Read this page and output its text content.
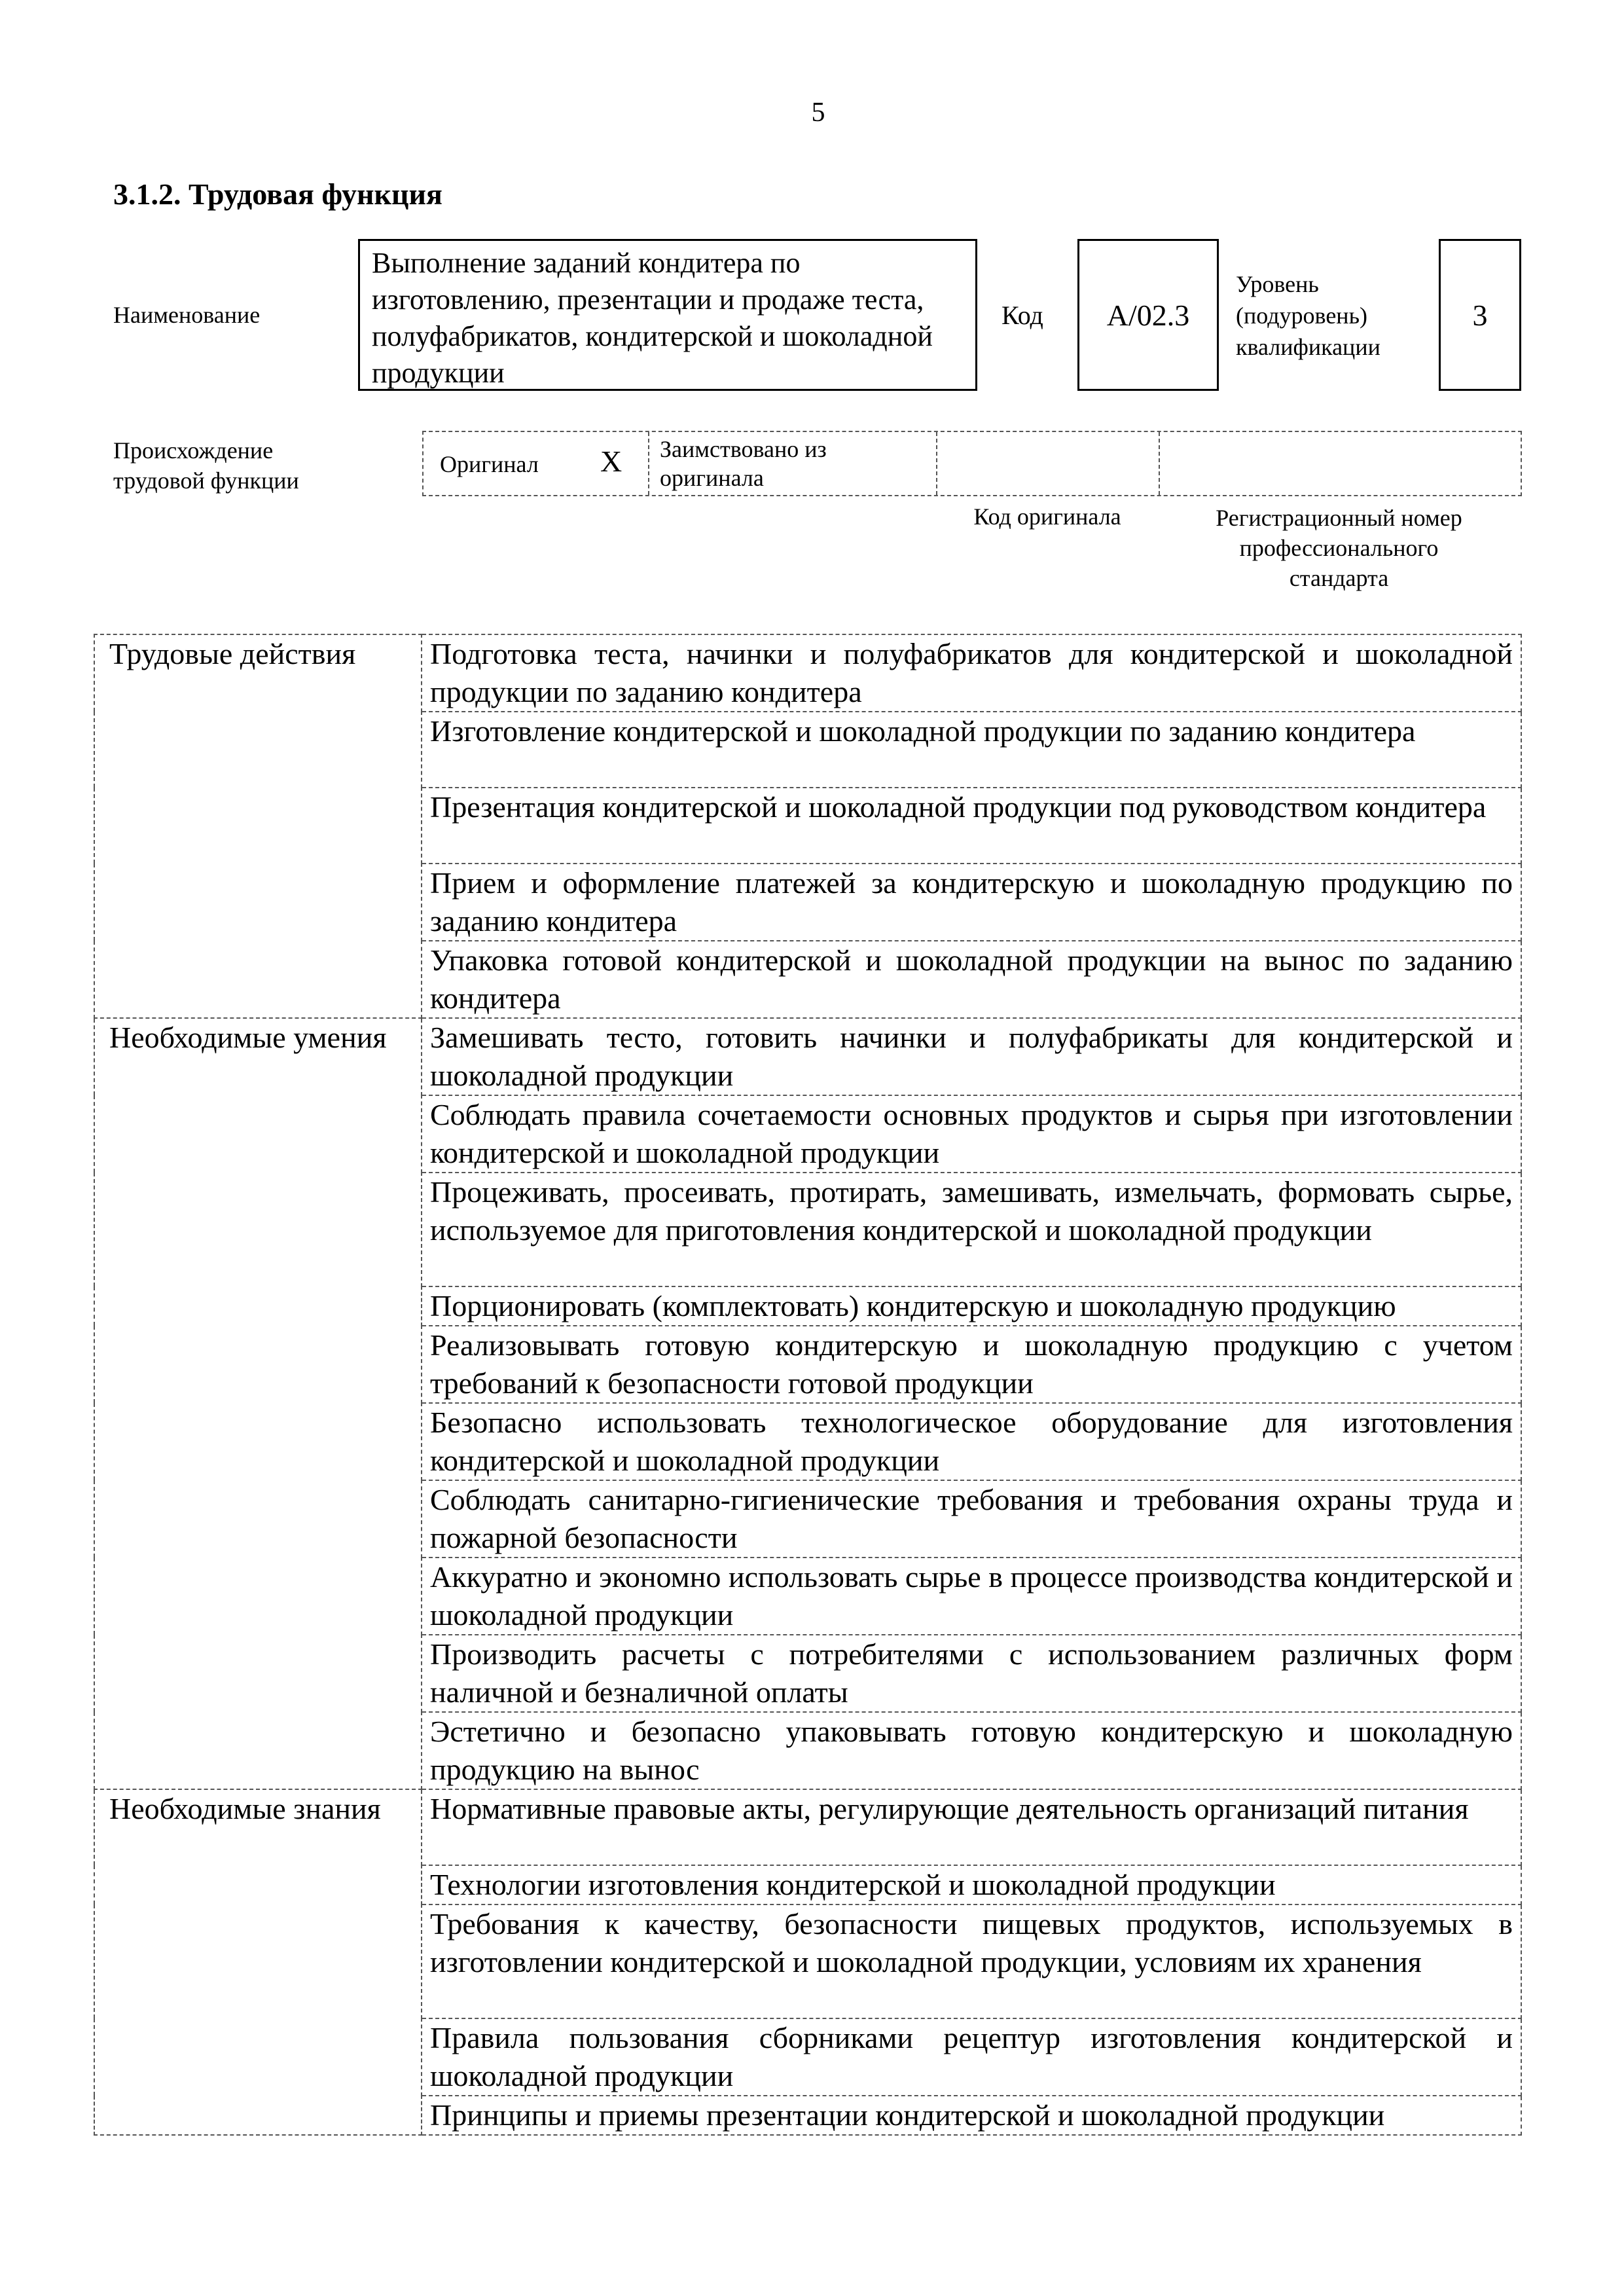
5
3.1.2. Трудовая функция
Наименование
Выполнение заданий кондитера по изготовлению, презентации и продаже теста, полуфабрикатов, кондитерской и шоколадной продукции
Код A/02.3
Уровень
(подуровень)
квалификации
3
Происхождение
трудовой функции
Оригинал X Заимствовано из
оригинала
Код оригинала	Регистрационный номер
профессионального
стандарта
Трудовые действия	Подготовка теста, начинки и полуфабрикатов для кондитерской и шоколадной продукции по заданию кондитера
	Изготовление кондитерской и шоколадной продукции по заданию кондитера
	Презентация кондитерской и шоколадной продукции под руководством кондитера
	Прием и оформление платежей за кондитерскую и шоколадную продукцию по заданию кондитера
	Упаковка готовой кондитерской и шоколадной продукции на вынос по заданию кондитера
Необходимые умения	Замешивать тесто, готовить начинки и полуфабрикаты для кондитерской и шоколадной продукции
	Соблюдать правила сочетаемости основных продуктов и сырья при изготовлении кондитерской и шоколадной продукции
	Процеживать, просеивать, протирать, замешивать, измельчать, формовать сырье, используемое для приготовления кондитерской и шоколадной продукции
	Порционировать (комплектовать) кондитерскую и шоколадную продукцию
	Реализовывать готовую кондитерскую и шоколадную продукцию с учетом требований к безопасности готовой продукции
	Безопасно использовать технологическое оборудование для изготовления кондитерской и шоколадной продукции
	Соблюдать санитарно-гигиенические требования и требования охраны труда и пожарной безопасности
	Аккуратно и экономно использовать сырье в процессе производства кондитерской и шоколадной продукции
	Производить расчеты с потребителями с использованием различных форм наличной и безналичной оплаты
	Эстетично и безопасно упаковывать готовую кондитерскую и шоколадную продукцию на вынос
Необходимые знания	Нормативные правовые акты, регулирующие деятельность организаций питания
	Технологии изготовления кондитерской и шоколадной продукции
	Требования к качеству, безопасности пищевых продуктов, используемых в изготовлении кондитерской и шоколадной продукции, условиям их хранения
	Правила пользования сборниками рецептур изготовления кондитерской и шоколадной продукции
	Принципы и приемы презентации кондитерской и шоколадной продукции
